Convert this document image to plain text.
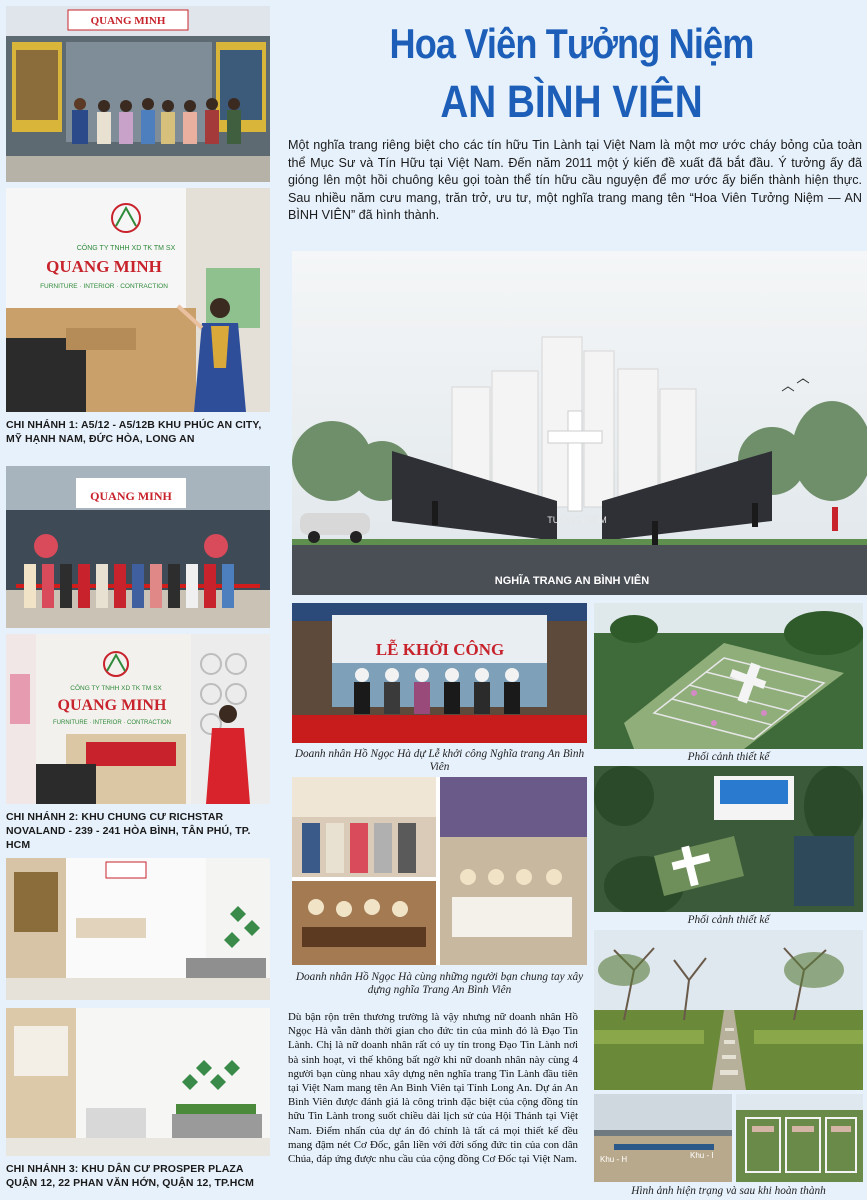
QUANG MINH
CÔNG TY TNHH XD TK TM SX
QUANG MINH
FURNITURE · INTERIOR · CONTRACTION
CHI NHÁNH 1: A5/12 - A5/12B KHU PHÚC AN CITY, MỸ HẠNH NAM, ĐỨC HÒA, LONG AN
QUANG MINH
CÔNG TY TNHH XD TK TM SX
QUANG MINH
FURNITURE · INTERIOR · CONTRACTION
CHI NHÁNH 2: KHU CHUNG CƯ RICHSTAR NOVALAND - 239 - 241 HÒA BÌNH, TÂN PHÚ, TP. HCM
CHI NHÁNH 3: KHU DÂN CƯ PROSPER PLAZA QUẬN 12, 22 PHAN VĂN HỚN, QUẬN 12, TP.HCM
Hoa Viên Tưởng Niệm
AN BÌNH VIÊN
Một nghĩa trang riêng biệt cho các tín hữu Tin Lành tại Việt Nam là một mơ ước cháy bỏng của toàn thể Mục Sư và Tín Hữu tại Việt Nam. Đến năm 2011 một ý kiến đề xuất đã bắt đầu. Ý tưởng ấy đã gióng lên một hồi chuông kêu gọi toàn thể tín hữu cầu nguyện để mơ ước ấy biến thành hiện thực. Sau nhiều năm cưu mang, trăn trở, ưu tư, một nghĩa trang mang tên “Hoa Viên Tưởng Niệm — AN BÌNH VIÊN” đã hình thành.
TƯỞNG NIỆM
NGHĨA TRANG AN BÌNH VIÊN
LỄ KHỞI CÔNG
Doanh nhân Hồ Ngọc Hà dự Lễ khởi công Nghĩa trang An Bình Viên
Doanh nhân Hồ Ngọc Hà cùng những người bạn chung tay xây dựng nghĩa Trang An Bình Viên
Dù bận rộn trên thương trường là vậy nhưng nữ doanh nhân Hồ Ngọc Hà vẫn dành thời gian cho đức tin của mình đó là Đạo Tin Lành. Chị là nữ doanh nhân rất có uy tín trong Đạo Tin Lành nơi bà sinh hoạt, vì thế không bất ngờ khi nữ doanh nhân này cùng 4 người bạn cùng nhau xây dựng nên nghĩa trang Tin Lành đầu tiên tại Việt Nam mang tên An Bình Viên tại Tỉnh Long An. Dự án An Bình Viên được đánh giá là công trình đặc biệt của cộng đồng tín hữu Tin Lành trong suốt chiều dài lịch sử của Hội Thánh tại Việt Nam. Điểm nhấn của dự án đó chính là tất cả mọi thiết kế đều mang đậm nét Cơ Đốc, gắn liền với đời sống đức tin của con dân Chúa, đáp ứng được nhu cầu của cộng đồng Cơ Đốc tại Việt Nam.
Phối cảnh thiết kế
Phối cảnh thiết kế
Khu - H	Khu - I
Hình ảnh hiện trạng và sau khi hoàn thành
